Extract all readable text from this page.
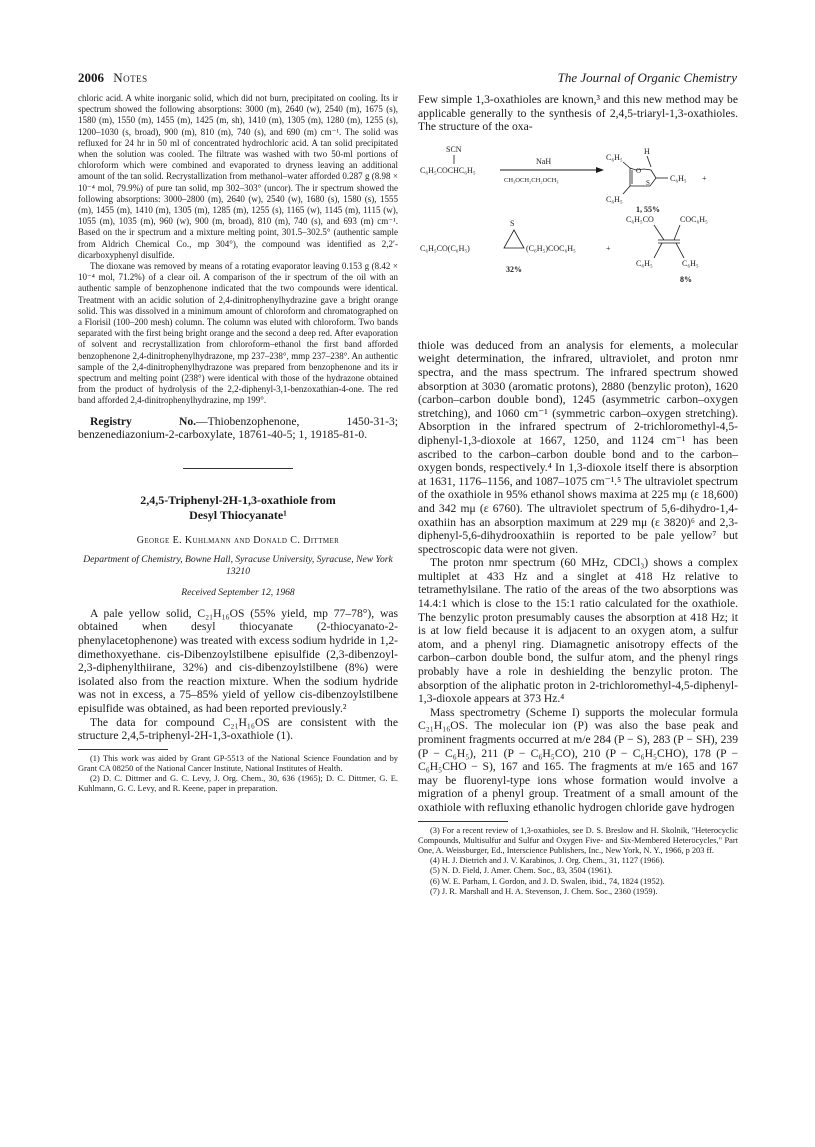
2006 Notes	The Journal of Organic Chemistry

chloric acid. A white inorganic solid, which did not burn, precipitated on cooling. Its ir spectrum showed the following absorptions: 3000 (m), 2640 (w), 2540 (m), 1675 (s), 1580 (m), 1550 (m), 1455 (m), 1425 (m, sh), 1410 (m), 1305 (m), 1280 (m), 1255 (s), 1200–1030 (s, broad), 900 (m), 810 (m), 740 (s), and 690 (m) cm⁻¹. The solid was refluxed for 24 hr in 50 ml of concentrated hydrochloric acid. A tan solid precipitated when the solution was cooled. The filtrate was washed with two 50-ml portions of chloroform which were combined and evaporated to dryness leaving an additional amount of the tan solid. Recrystallization from methanol–water afforded 0.287 g (8.98 × 10⁻⁴ mol, 79.9%) of pure tan solid, mp 302–303° (uncor). The ir spectrum showed the following absorptions: 3000–2800 (m), 2640 (w), 2540 (w), 1680 (s), 1580 (s), 1555 (m), 1455 (m), 1410 (m), 1305 (m), 1285 (m), 1255 (s), 1165 (w), 1145 (m), 1115 (w), 1055 (m), 1035 (m), 960 (w), 900 (m, broad), 810 (m), 740 (s), and 693 (m) cm⁻¹. Based on the ir spectrum and a mixture melting point, 301.5–302.5° (authentic sample from Aldrich Chemical Co., mp 304°), the compound was identified as 2,2′-dicarboxyphenyl disulfide.

The dioxane was removed by means of a rotating evaporator leaving 0.153 g (8.42 × 10⁻⁴ mol, 71.2%) of a clear oil. A comparison of the ir spectrum of the oil with an authentic sample of benzophenone indicated that the two compounds were identical. Treatment with an acidic solution of 2,4-dinitrophenylhydrazine gave a bright orange solid. This was dissolved in a minimum amount of chloroform and chromatographed on a Florisil (100–200 mesh) column. The column was eluted with chloroform. Two bands separated with the first being bright orange and the second a deep red. After evaporation of solvent and recrystallization from chloroform–ethanol the first band afforded benzophenone 2,4-dinitrophenylhydrazone, mp 237–238°, mmp 237–238°. An authentic sample of the 2,4-dinitrophenylhydrazone was prepared from benzophenone and its ir spectrum and melting point (238°) were identical with those of the hydrazone obtained from the product of hydrolysis of the 2,2-diphenyl-3,1-benzoxathian-4-one. The red band afforded 2,4-dinitrophenylhydrazine, mp 199°.

Registry No.—Thiobenzophenone, 1450-31-3; benzenediazonium-2-carboxylate, 18761-40-5; 1, 19185-81-0.

2,4,5-Triphenyl-2H-1,3-oxathiole from
Desyl Thiocyanate¹
George E. Kuhlmann and Donald C. Dittmer
Department of Chemistry, Bowne Hall, Syracuse University, Syracuse, New York 13210
Received September 12, 1968

A pale yellow solid, C₂₁H₁₆OS (55% yield, mp 77–78°), was obtained when desyl thiocyanate (2-thiocyanato-2-phenylacetophenone) was treated with excess sodium hydride in 1,2-dimethoxyethane. cis-Dibenzoylstilbene episulfide (2,3-dibenzoyl-2,3-diphenylthiirane, 32%) and cis-dibenzoylstilbene (8%) were isolated also from the reaction mixture. When the sodium hydride was not in excess, a 75–85% yield of yellow cis-dibenzoylstilbene episulfide was obtained, as had been reported previously.²

The data for compound C₂₁H₁₆OS are consistent with the structure 2,4,5-triphenyl-2H-1,3-oxathiole (1).

(1) This work was aided by Grant GP-5513 of the National Science Foundation and by Grant CA 08250 of the National Cancer Institute, National Institutes of Health.

(2) D. C. Dittmer and G. C. Levy, J. Org. Chem., 30, 636 (1965); D. C. Dittmer, G. E. Kuhlmann, G. C. Levy, and R. Keene, paper in preparation.

Few simple 1,3-oxathioles are known,³ and this new method may be applicable generally to the synthesis of 2,4,5-triaryl-1,3-oxathioles. The structure of the oxa-

SCN
C₆H₅COCHC₆H₅
NaH
CH₃OCH₂CH₂OCH₃
C₆H₅
H
O
S	C₆H₅ +
C₆H₅
1, 55%
S
C₆H₅CO(C₆H₅)	(C₆H₅)COC₆H₅	+
32%
C₆H₅CO	COC₆H₅
C₆H₅	C₆H₅
8%

thiole was deduced from an analysis for elements, a molecular weight determination, the infrared, ultraviolet, and proton nmr spectra, and the mass spectrum. The infrared spectrum showed absorption at 3030 (aromatic protons), 2880 (benzylic proton), 1620 (carbon–carbon double bond), 1245 (asymmetric carbon–oxygen stretching), and 1060 cm⁻¹ (symmetric carbon–oxygen stretching). Absorption in the infrared spectrum of 2-trichloromethyl-4,5-diphenyl-1,3-dioxole at 1667, 1250, and 1124 cm⁻¹ has been ascribed to the carbon–carbon double bond and to the carbon–oxygen bonds, respectively.⁴ In 1,3-dioxole itself there is absorption at 1631, 1176–1156, and 1087–1075 cm⁻¹.⁵ The ultraviolet spectrum of the oxathiole in 95% ethanol shows maxima at 225 mμ (ε 18,600) and 342 mμ (ε 6760). The ultraviolet spectrum of 5,6-dihydro-1,4-oxathiin has an absorption maximum at 229 mμ (ε 3820)⁶ and 2,3-diphenyl-5,6-dihydrooxathiin is reported to be pale yellow⁷ but spectroscopic data were not given.

The proton nmr spectrum (60 MHz, CDCl₃) shows a complex multiplet at 433 Hz and a singlet at 418 Hz relative to tetramethylsilane. The ratio of the areas of the two absorptions was 14.4:1 which is close to the 15:1 ratio calculated for the oxathiole. The benzylic proton presumably causes the absorption at 418 Hz; it is at low field because it is adjacent to an oxygen atom, a sulfur atom, and a phenyl ring. Diamagnetic anisotropy effects of the carbon–carbon double bond, the sulfur atom, and the phenyl rings probably have a role in deshielding the benzylic proton. The absorption of the aliphatic proton in 2-trichloromethyl-4,5-diphenyl-1,3-dioxole appears at 373 Hz.⁴

Mass spectrometry (Scheme I) supports the molecular formula C₂₁H₁₆OS. The molecular ion (P) was also the base peak and prominent fragments occurred at m/e 284 (P − S), 283 (P − SH), 239 (P − C₆H₅), 211 (P − C₆H₅CO), 210 (P − C₆H₅CHO), 178 (P − C₆H₅CHO − S), 167 and 165. The fragments at m/e 165 and 167 may be fluorenyl-type ions whose formation would involve a migration of a phenyl group. Treatment of a small amount of the oxathiole with refluxing ethanolic hydrogen chloride gave hydrogen

(3) For a recent review of 1,3-oxathioles, see D. S. Breslow and H. Skolnik, "Heterocyclic Compounds, Multisulfur and Sulfur and Oxygen Five- and Six-Membered Heterocycles," Part One, A. Weissburger, Ed., Interscience Publishers, Inc., New York, N. Y., 1966, p 203 ff.

(4) H. J. Dietrich and J. V. Karabinos, J. Org. Chem., 31, 1127 (1966).

(5) N. D. Field, J. Amer. Chem. Soc., 83, 3504 (1961).

(6) W. E. Parham, I. Gordon, and J. D. Swalen, ibid., 74, 1824 (1952).

(7) J. R. Marshall and H. A. Stevenson, J. Chem. Soc., 2360 (1959).
